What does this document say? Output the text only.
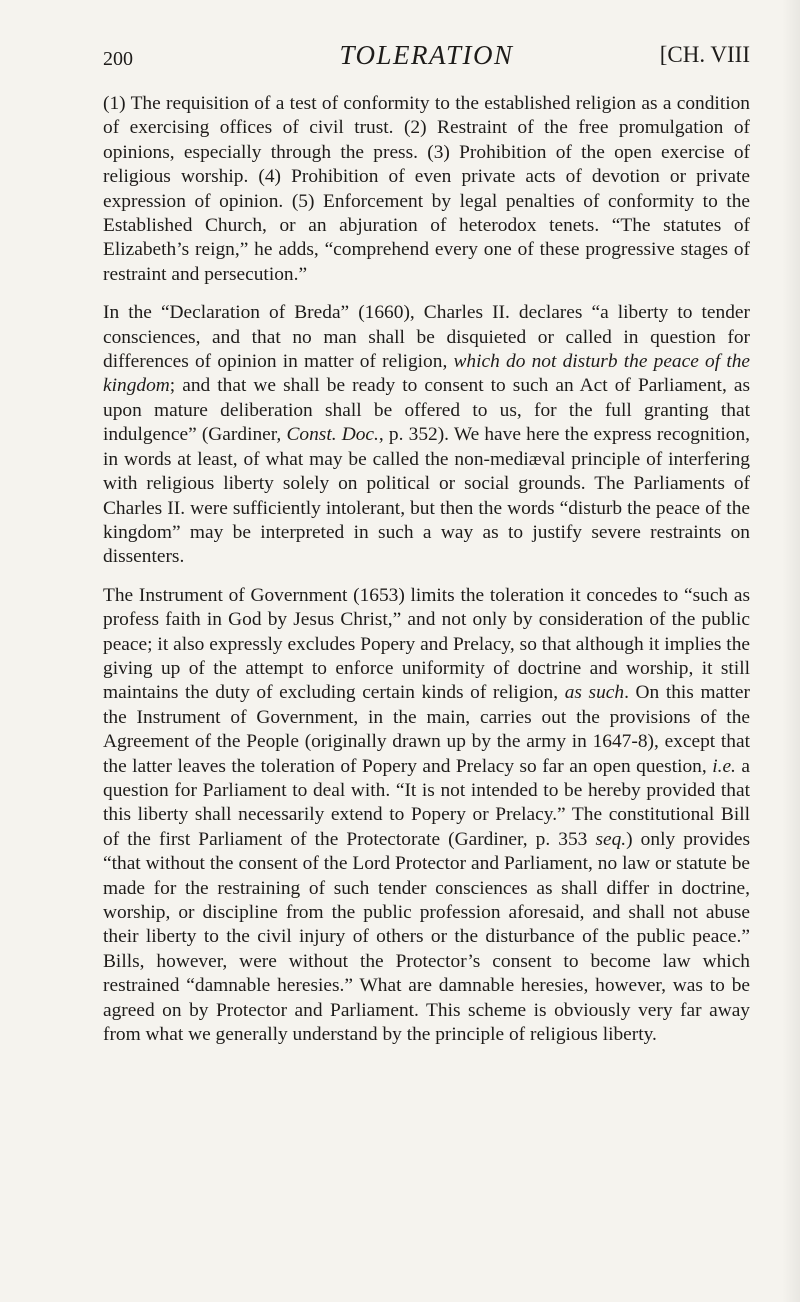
200	TOLERATION	[CH. VIII

(1) The requisition of a test of conformity to the established religion as a condition of exercising offices of civil trust. (2) Restraint of the free promulgation of opinions, especially through the press. (3) Prohibition of the open exercise of religious worship. (4) Prohibition of even private acts of devotion or private expression of opinion. (5) Enforcement by legal penalties of conformity to the Established Church, or an abjuration of heterodox tenets. “The statutes of Elizabeth’s reign,” he adds, “comprehend every one of these progressive stages of restraint and persecution.”

In the “Declaration of Breda” (1660), Charles II. declares “a liberty to tender consciences, and that no man shall be disquieted or called in question for differences of opinion in matter of religion, which do not disturb the peace of the kingdom; and that we shall be ready to consent to such an Act of Parliament, as upon mature deliberation shall be offered to us, for the full granting that indulgence” (Gardiner, Const. Doc., p. 352). We have here the express recognition, in words at least, of what may be called the non-mediæval principle of interfering with religious liberty solely on political or social grounds. The Parliaments of Charles II. were sufficiently intolerant, but then the words “disturb the peace of the kingdom” may be interpreted in such a way as to justify severe restraints on dissenters.

The Instrument of Government (1653) limits the toleration it concedes to “such as profess faith in God by Jesus Christ,” and not only by consideration of the public peace; it also expressly excludes Popery and Prelacy, so that although it implies the giving up of the attempt to enforce uniformity of doctrine and worship, it still maintains the duty of excluding certain kinds of religion, as such. On this matter the Instrument of Government, in the main, carries out the provisions of the Agreement of the People (originally drawn up by the army in 1647-8), except that the latter leaves the toleration of Popery and Prelacy so far an open question, i.e. a question for Parliament to deal with. “It is not intended to be hereby provided that this liberty shall necessarily extend to Popery or Prelacy.” The constitutional Bill of the first Parliament of the Protectorate (Gardiner, p. 353 seq.) only provides “that without the consent of the Lord Protector and Parliament, no law or statute be made for the restraining of such tender consciences as shall differ in doctrine, worship, or discipline from the public profession aforesaid, and shall not abuse their liberty to the civil injury of others or the disturbance of the public peace.” Bills, however, were without the Protector’s consent to become law which restrained “damnable heresies.” What are damnable heresies, however, was to be agreed on by Protector and Parliament. This scheme is obviously very far away from what we generally understand by the principle of religious liberty.
